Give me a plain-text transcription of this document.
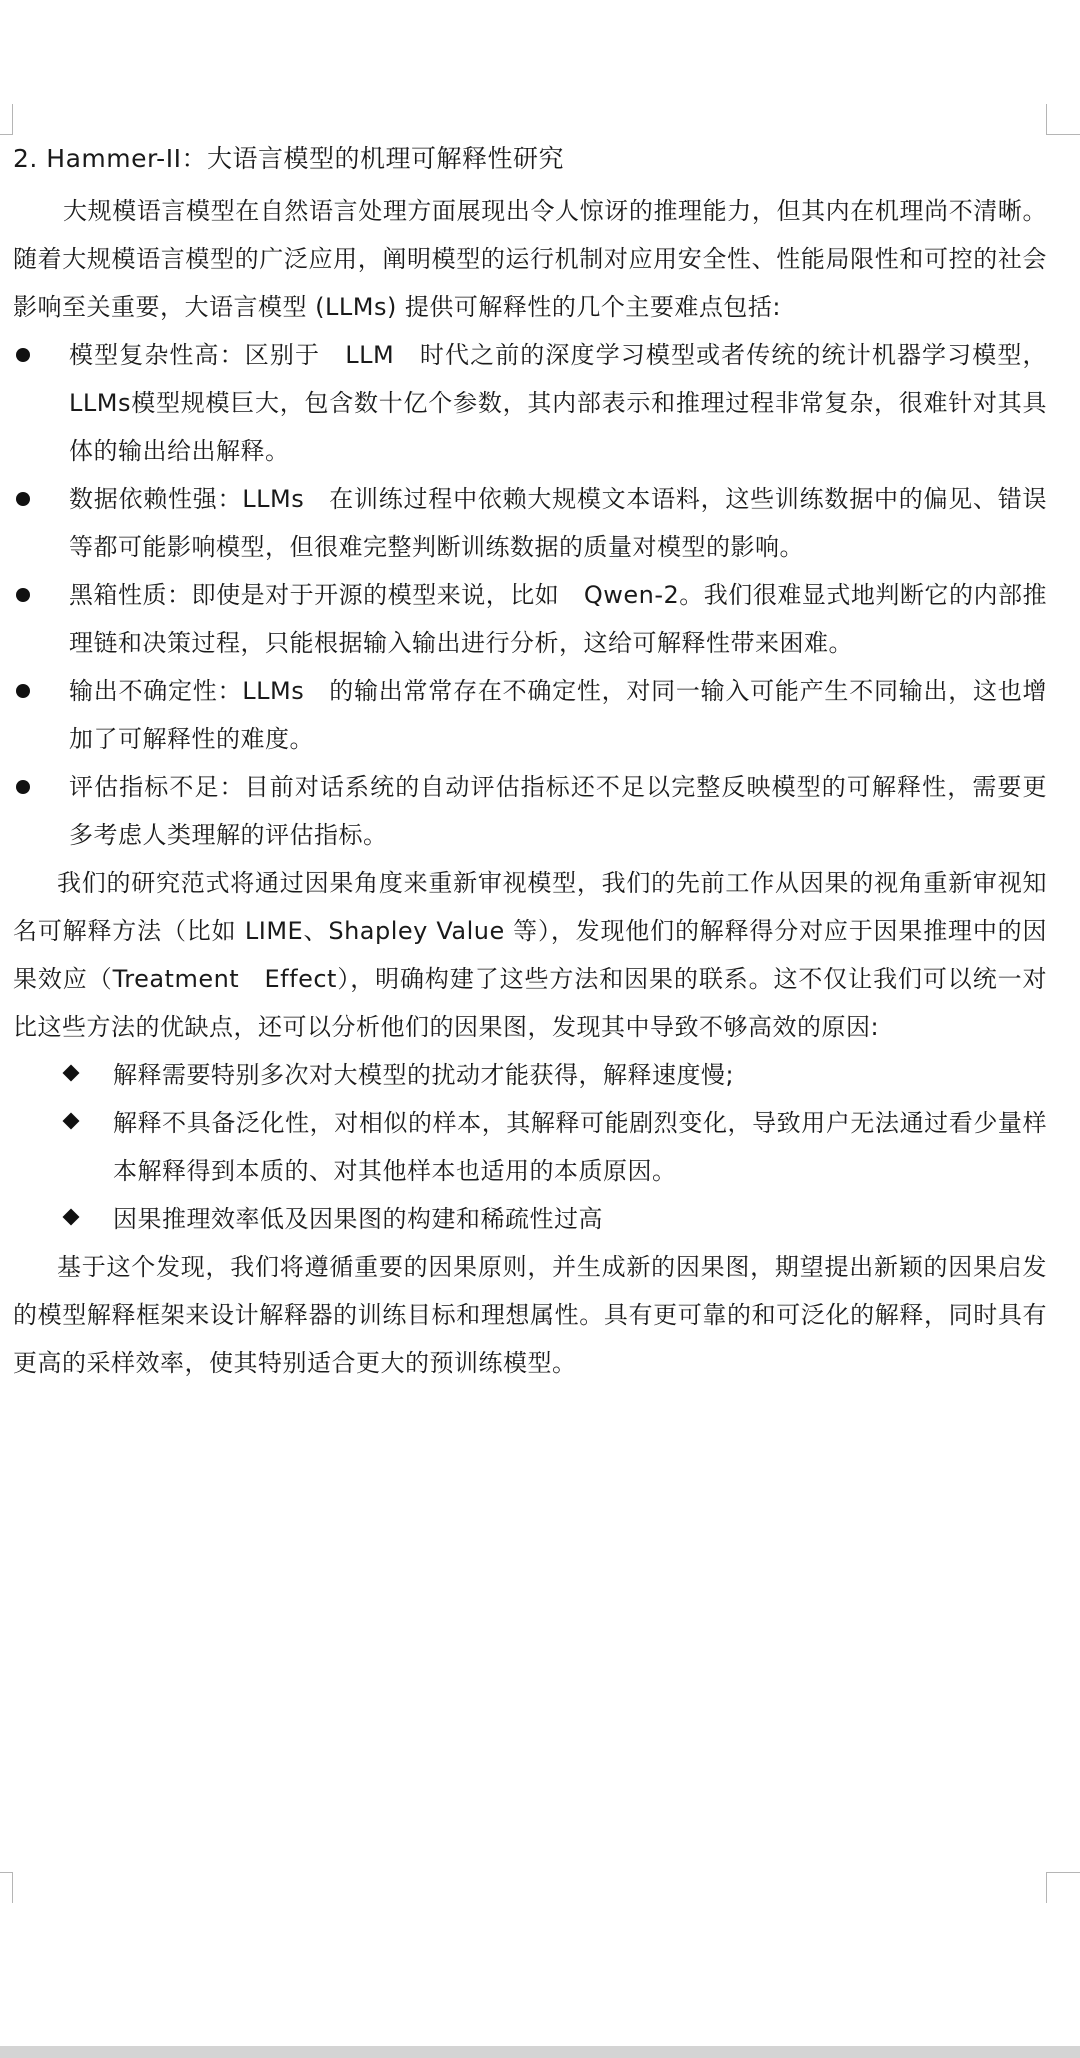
2. Hammer-II：大语言模型的机理可解释性研究

大规模语言模型在自然语言处理方面展现出令人惊讶的推理能力，但其内在机理尚不清晰。随着大规模语言模型的广泛应用，阐明模型的运行机制对应用安全性、性能局限性和可控的社会影响至关重要，大语言模型 (LLMs) 提供可解释性的几个主要难点包括:

模型复杂性高：区别于　LLM　时代之前的深度学习模型或者传统的统计机器学习模型，LLMs模型规模巨大，包含数十亿个参数，其内部表示和推理过程非常复杂，很难针对其具体的输出给出解释。
数据依赖性强：LLMs　在训练过程中依赖大规模文本语料，这些训练数据中的偏见、错误等都可能影响模型，但很难完整判断训练数据的质量对模型的影响。
黑箱性质：即使是对于开源的模型来说，比如　Qwen-2。我们很难显式地判断它的内部推理链和决策过程，只能根据输入输出进行分析，这给可解释性带来困难。
输出不确定性：LLMs　的输出常常存在不确定性，对同一输入可能产生不同输出，这也增加了可解释性的难度。
评估指标不足：目前对话系统的自动评估指标还不足以完整反映模型的可解释性，需要更多考虑人类理解的评估指标。

我们的研究范式将通过因果角度来重新审视模型，我们的先前工作从因果的视角重新审视知名可解释方法（比如 LIME、Shapley Value 等），发现他们的解释得分对应于因果推理中的因果效应（Treatment　Effect），明确构建了这些方法和因果的联系。这不仅让我们可以统一对比这些方法的优缺点，还可以分析他们的因果图，发现其中导致不够高效的原因:

解释需要特别多次对大模型的扰动才能获得，解释速度慢;
解释不具备泛化性，对相似的样本，其解释可能剧烈变化，导致用户无法通过看少量样本解释得到本质的、对其他样本也适用的本质原因。
因果推理效率低及因果图的构建和稀疏性过高

基于这个发现，我们将遵循重要的因果原则，并生成新的因果图，期望提出新颖的因果启发的模型解释框架来设计解释器的训练目标和理想属性。具有更可靠的和可泛化的解释，同时具有更高的采样效率，使其特别适合更大的预训练模型。
